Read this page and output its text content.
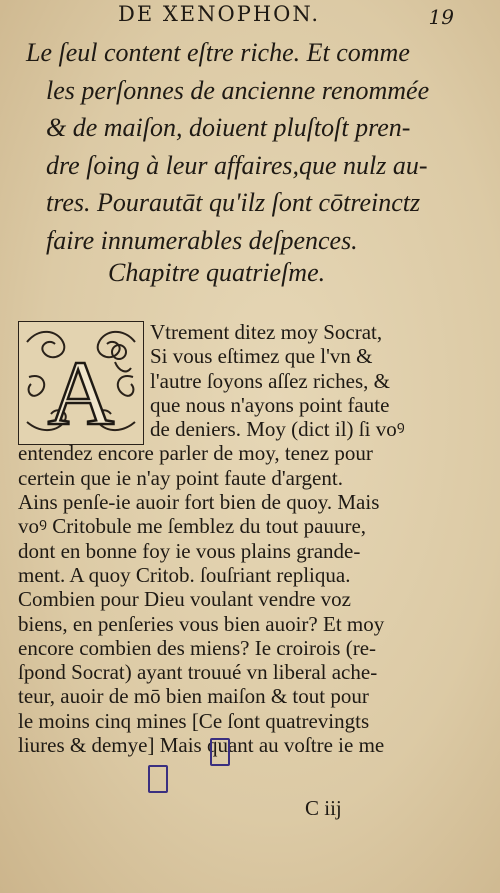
DE XENOPHON.	19
Le ſeul content eſtre riche. Et comme
les perſonnes de ancienne renommée
& de maiſon, doiuent pluſtoſt pren-
dre ſoing à leur affaires,que nulz au-
tres. Pourautāt qu'ilz ſont cōtreinctz
faire innumerables deſpences.
Chapitre quatrieſme.
A
Vtrement ditez moy Socrat,
Si vous eſtimez que l'vn &
l'autre ſoyons aſſez riches, &
que nous n'ayons point faute
de deniers. Moy (dict il) ſi voꝰ
entendez encore parler de moy, tenez pour
certein que ie n'ay point faute d'argent.
Ains penſe-ie auoir fort bien de quoy. Mais
voꝰ Critobule me ſemblez du tout pauure,
dont en bonne foy ie vous plains grande-
ment. A quoy Critob. ſouſriant repliqua.
Combien pour Dieu voulant vendre voz
biens, en penſeries vous bien auoir? Et moy
encore combien des miens? Ie croirois (re-
ſpond Socrat) ayant trouué vn liberal ache-
teur, auoir de mō bien maiſon & tout pour
le moins cinq mines [Ce ſont quatrevingts
liures & demye] Mais quant au voſtre ie me
C iij
